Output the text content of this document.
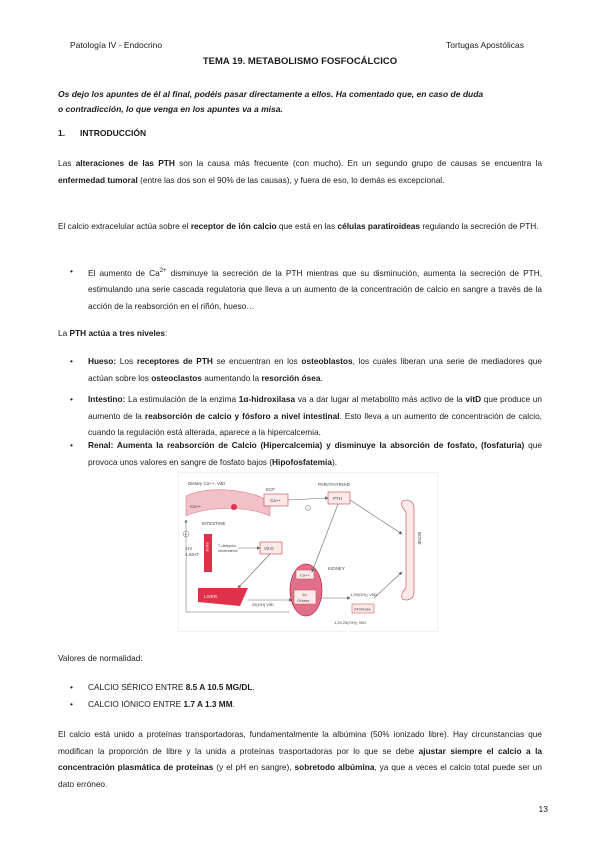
Patología IV - Endocrino	Tortugas Apostólicas
TEMA 19. METABOLISMO FOSFOCÁLCICO
Os dejo los apuntes de él al final, podéis pasar directamente a ellos. Ha comentado que, en caso de duda
o contradicción, lo que venga en los apuntes va a misa.
1. INTRODUCCIÓN

Las alteraciones de las PTH son la causa más frecuente (con mucho). En un segundo grupo de causas se encuentra la enfermedad tumoral (entre las dos son el 90% de las causas), y fuera de eso, lo demás es excepcional.

El calcio extracelular actúa sobre el receptor de ión calcio que está en las células paratiroideas regulando la secreción de PTH.

• El aumento de $Ca^{2+}$ disminuye la secreción de la PTH mientras que su disminución, aumenta la secreción de PTH, estimulando una serie cascada regulatoria que lleva a un aumento de la concentración de calcio en sangre a través de la acción de la reabsorción en el riñón, hueso…

La PTH actúa a tres niveles:

• Hueso: Los receptores de PTH se encuentran en los osteoblastos, los cuales liberan una serie de mediadores que actúan sobre los osteoclastos aumentando la resorción ósea.
• Intestino: La estimulación de la enzima 1α-hidroxilasa va a dar lugar al metabolito más activo de la vitD que produce un aumento de la reabsorción de calcio y fósforo a nivel intestinal. Esto lleva a un aumento de concentración de calcio, cuando la regulación está alterada, aparece a la hipercalcemia.
• Renal: Aumenta la reabsorción de Calcio (Hipercalcemia) y disminuye la absorción de fosfato, (fosfaturia) que provoca unos valores en sangre de fosfato bajos (Hipofosfatemia).
Dietary Ca++, VitD
Ca++
INTESTINE
ECF
Ca++
PARATHYROID
PTH
−
UV
LIGHT
SKIN 7-dehydro
cholesterol	Vit D
LIVER
25(OH) VitD
KIDNEY
Ca++
1α
OHase
1,25(OH)₂ VitD
24OHase
1,24,25(OH)₃ VitD
BONE
+

Valores de normalidad:

• CALCIO SÉRICO ENTRE 8.5 A 10.5 MG/DL.
• CALCIO IÓNICO ENTRE 1.7 A 1.3 MM.

El calcio está unido a proteínas transportadoras, fundamentalmente la albúmina (50% ionizado libre). Hay circunstancias que modifican la proporción de libre y la unida a proteínas trasportadoras por lo que se debe ajustar siempre el calcio a la concentración plasmática de proteínas (y el pH en sangre), sobretodo albúmina, ya que a veces el calcio total puede ser un dato erróneo.

13
